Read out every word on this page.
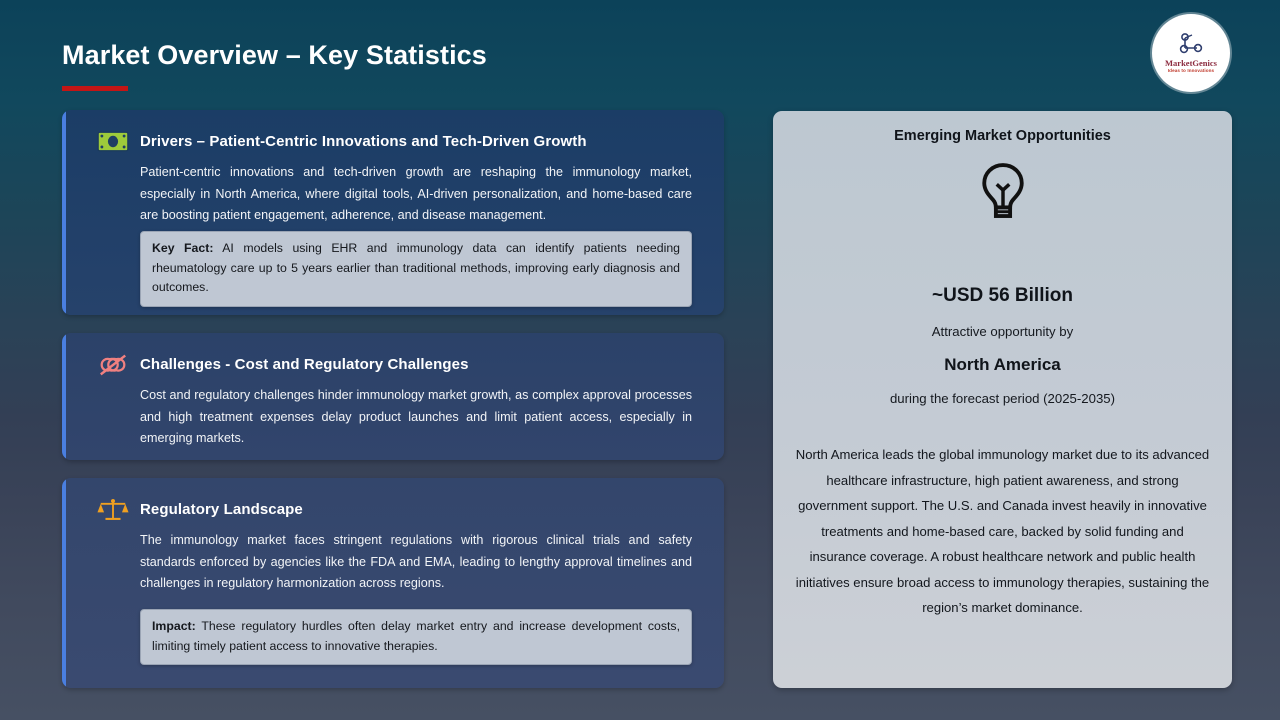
Market Overview – Key Statistics	MarketGenics
Ideas to Innovations
Drivers – Patient-Centric Innovations and Tech-Driven Growth
Patient-centric innovations and tech-driven growth are reshaping the immunology market, especially in North America, where digital tools, AI-driven personalization, and home-based care are boosting patient engagement, adherence, and disease management.
Key Fact: AI models using EHR and immunology data can identify patients needing rheumatology care up to 5 years earlier than traditional methods, improving early diagnosis and outcomes.
Challenges - Cost and Regulatory Challenges
Cost and regulatory challenges hinder immunology market growth, as complex approval processes and high treatment expenses delay product launches and limit patient access, especially in emerging markets.
Regulatory Landscape
The immunology market faces stringent regulations with rigorous clinical trials and safety standards enforced by agencies like the FDA and EMA, leading to lengthy approval timelines and challenges in regulatory harmonization across regions.
Impact: These regulatory hurdles often delay market entry and increase development costs, limiting timely patient access to innovative therapies.
Emerging Market Opportunities
~USD 56 Billion
Attractive opportunity by
North America
during the forecast period (2025-2035)
North America leads the global immunology market due to its advanced healthcare infrastructure, high patient awareness, and strong government support. The U.S. and Canada invest heavily in innovative treatments and home-based care, backed by solid funding and insurance coverage. A robust healthcare network and public health initiatives ensure broad access to immunology therapies, sustaining the region’s market dominance.
